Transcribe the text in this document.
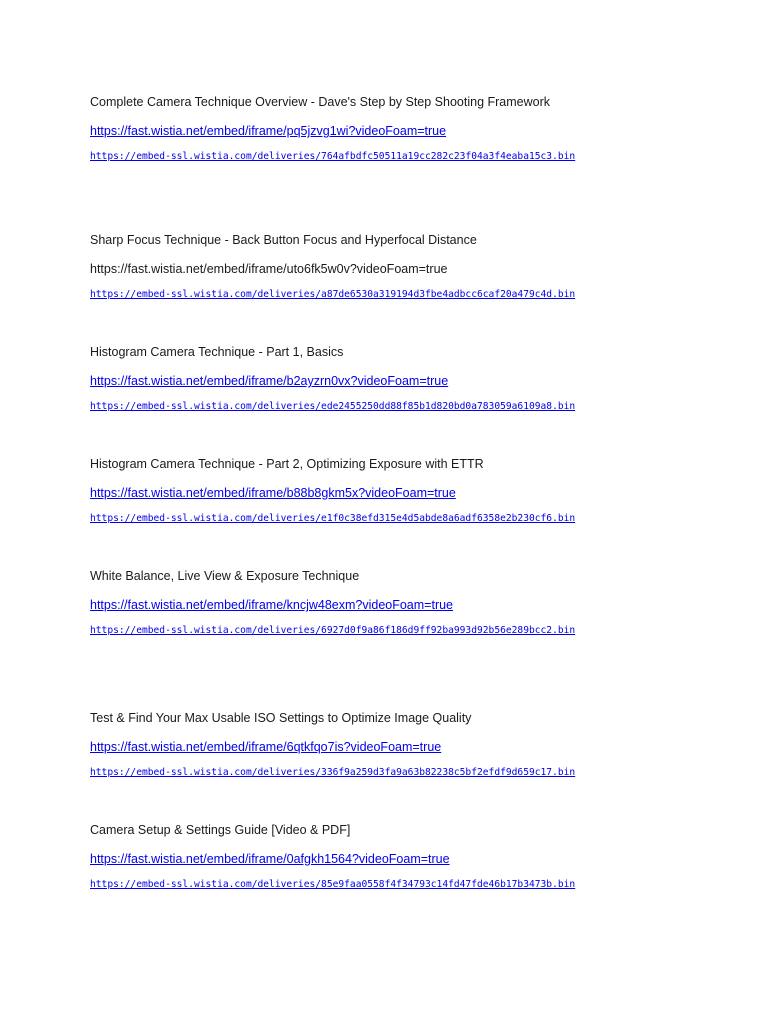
Complete Camera Technique Overview - Dave's Step by Step Shooting Framework
https://fast.wistia.net/embed/iframe/pq5jzvg1wi?videoFoam=true
https://embed-ssl.wistia.com/deliveries/764afbdfc50511a19cc282c23f04a3f4eaba15c3.bin
Sharp Focus Technique - Back Button Focus and Hyperfocal Distance
https://fast.wistia.net/embed/iframe/uto6fk5w0v?videoFoam=true
https://embed-ssl.wistia.com/deliveries/a87de6530a319194d3fbe4adbcc6caf20a479c4d.bin
Histogram Camera Technique - Part 1, Basics
https://fast.wistia.net/embed/iframe/b2ayzrn0vx?videoFoam=true
https://embed-ssl.wistia.com/deliveries/ede2455250dd88f85b1d820bd0a783059a6109a8.bin
Histogram Camera Technique - Part 2, Optimizing Exposure with ETTR
https://fast.wistia.net/embed/iframe/b88b8gkm5x?videoFoam=true
https://embed-ssl.wistia.com/deliveries/e1f0c38efd315e4d5abde8a6adf6358e2b230cf6.bin
White Balance, Live View & Exposure Technique
https://fast.wistia.net/embed/iframe/kncjw48exm?videoFoam=true
https://embed-ssl.wistia.com/deliveries/6927d0f9a86f186d9ff92ba993d92b56e289bcc2.bin
Test & Find Your Max Usable ISO Settings to Optimize Image Quality
https://fast.wistia.net/embed/iframe/6qtkfqo7is?videoFoam=true
https://embed-ssl.wistia.com/deliveries/336f9a259d3fa9a63b82238c5bf2efdf9d659c17.bin
Camera Setup & Settings Guide [Video & PDF]
https://fast.wistia.net/embed/iframe/0afgkh1564?videoFoam=true
https://embed-ssl.wistia.com/deliveries/85e9faa0558f4f34793c14fd47fde46b17b3473b.bin
